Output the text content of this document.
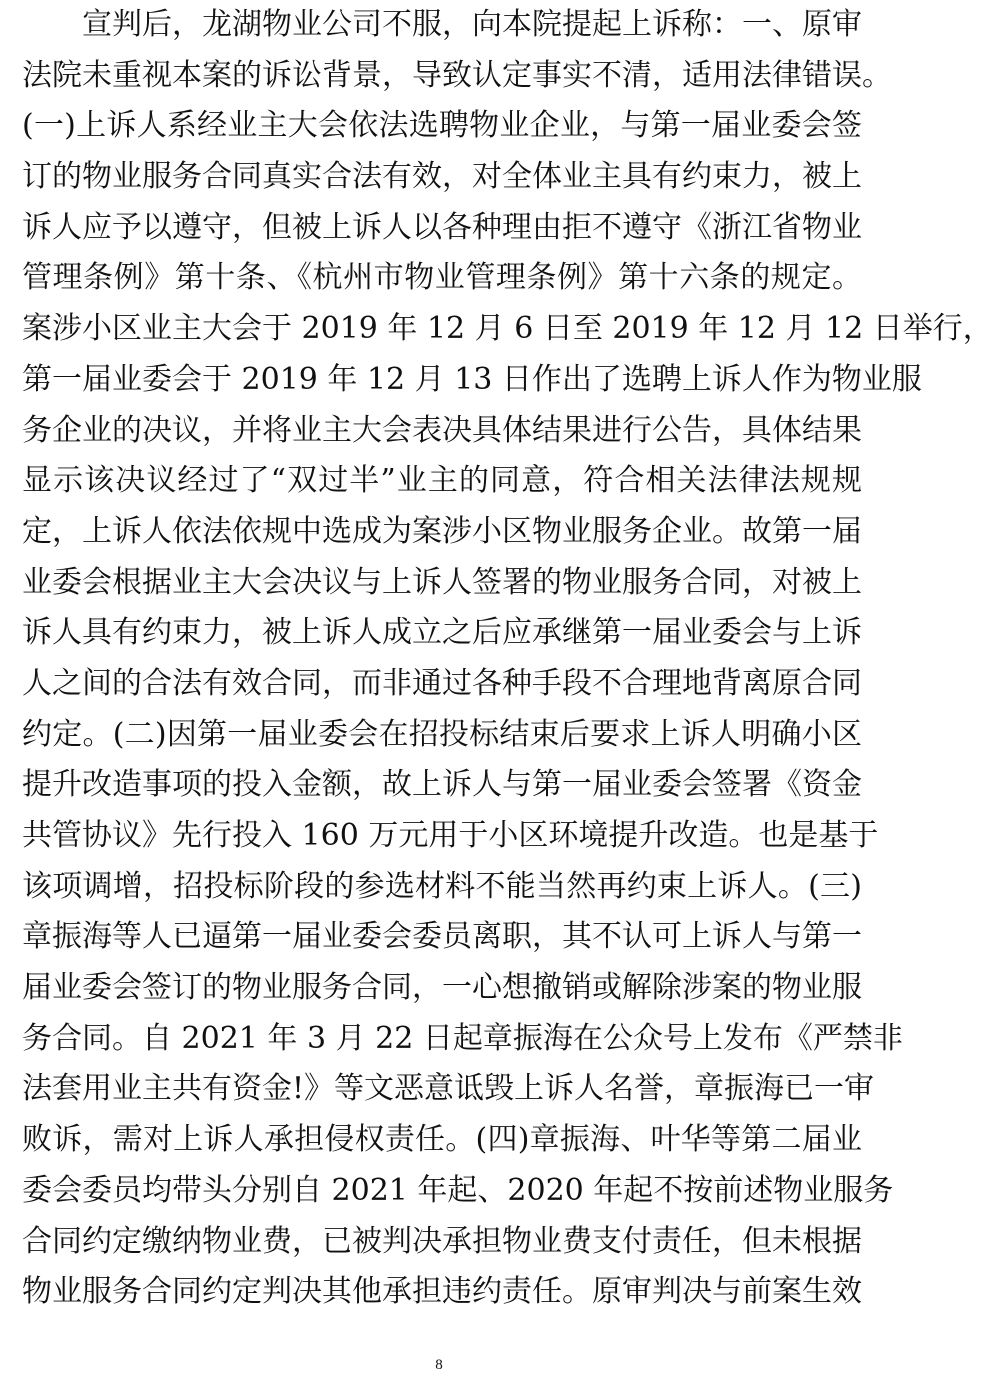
宣判后，龙湖物业公司不服，向本院提起上诉称：一、原审
法院未重视本案的诉讼背景，导致认定事实不清，适用法律错误。
(一)上诉人系经业主大会依法选聘物业企业，与第一届业委会签
订的物业服务合同真实合法有效，对全体业主具有约束力，被上
诉人应予以遵守，但被上诉人以各种理由拒不遵守《浙江省物业
管理条例》第十条、《杭州市物业管理条例》第十六条的规定。
案涉小区业主大会于 2019 年 12 月 6 日至 2019 年 12 月 12 日举行，
第一届业委会于 2019 年 12 月 13 日作出了选聘上诉人作为物业服
务企业的决议，并将业主大会表决具体结果进行公告，具体结果
显示该决议经过了“双过半”业主的同意，符合相关法律法规规
定，上诉人依法依规中选成为案涉小区物业服务企业。故第一届
业委会根据业主大会决议与上诉人签署的物业服务合同，对被上
诉人具有约束力，被上诉人成立之后应承继第一届业委会与上诉
人之间的合法有效合同，而非通过各种手段不合理地背离原合同
约定。(二)因第一届业委会在招投标结束后要求上诉人明确小区
提升改造事项的投入金额，故上诉人与第一届业委会签署《资金
共管协议》先行投入 160 万元用于小区环境提升改造。也是基于
该项调增，招投标阶段的参选材料不能当然再约束上诉人。(三)
章振海等人已逼第一届业委会委员离职，其不认可上诉人与第一
届业委会签订的物业服务合同，一心想撤销或解除涉案的物业服
务合同。自 2021 年 3 月 22 日起章振海在公众号上发布《严禁非
法套用业主共有资金!》等文恶意诋毁上诉人名誉，章振海已一审
败诉，需对上诉人承担侵权责任。(四)章振海、叶华等第二届业
委会委员均带头分别自 2021 年起、2020 年起不按前述物业服务
合同约定缴纳物业费，已被判决承担物业费支付责任，但未根据
物业服务合同约定判决其他承担违约责任。原审判决与前案生效
8
